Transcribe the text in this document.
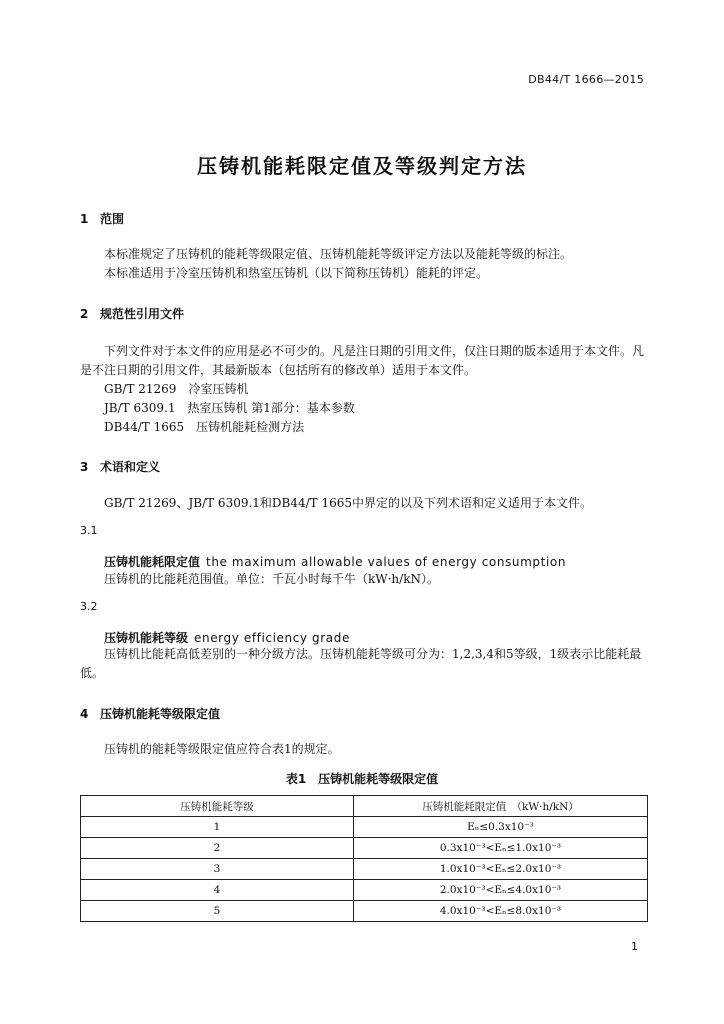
DB44/T 1666—2015
压铸机能耗限定值及等级判定方法
1 范围
本标准规定了压铸机的能耗等级限定值、压铸机能耗等级评定方法以及能耗等级的标注。
本标准适用于冷室压铸机和热室压铸机（以下简称压铸机）能耗的评定。
2 规范性引用文件
下列文件对于本文件的应用是必不可少的。凡是注日期的引用文件，仅注日期的版本适用于本文件。凡是不注日期的引用文件，其最新版本（包括所有的修改单）适用于本文件。
GB/T 21269　冷室压铸机
JB/T 6309.1　热室压铸机 第1部分：基本参数
DB44/T 1665　压铸机能耗检测方法
3 术语和定义
GB/T 21269、JB/T 6309.1和DB44/T 1665中界定的以及下列术语和定义适用于本文件。
3.1
压铸机能耗限定值 the maximum allowable values of energy consumption
压铸机的比能耗范围值。单位：千瓦小时每千牛（kW·h/kN）。
3.2
压铸机能耗等级 energy efficiency grade
压铸机比能耗高低差别的一种分级方法。压铸机能耗等级可分为：1,2,3,4和5等级，1级表示比能耗最低。
4 压铸机能耗等级限定值
压铸机的能耗等级限定值应符合表1的规定。
表1　压铸机能耗等级限定值
压铸机能耗等级	压铸机能耗限定值　（kW·h/kN）
1	Eₙ≤0.3x10⁻³
2	0.3x10⁻³<Eₙ≤1.0x10⁻³
3	1.0x10⁻³<Eₙ≤2.0x10⁻³
4	2.0x10⁻³<Eₙ≤4.0x10⁻³
5	4.0x10⁻³<Eₙ≤8.0x10⁻³
1
